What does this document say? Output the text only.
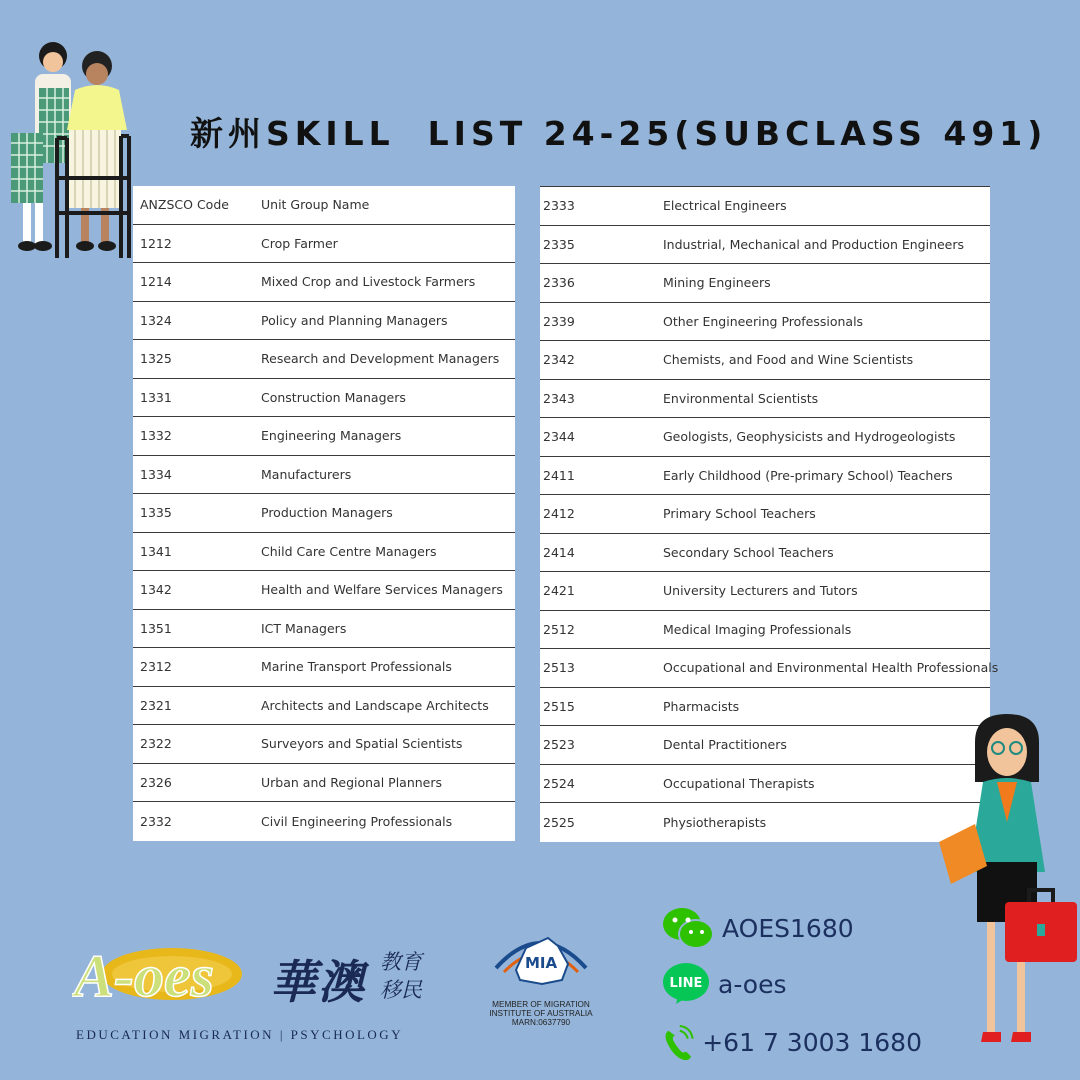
新州SKILL  LIST 24-25(SUBCLASS 491)
ANZSCO Code	Unit Group Name
1212	Crop Farmer
1214	Mixed Crop and Livestock Farmers
1324	Policy and Planning Managers
1325	Research and Development Managers
1331	Construction Managers
1332	Engineering Managers
1334	Manufacturers
1335	Production Managers
1341	Child Care Centre Managers
1342	Health and Welfare Services Managers
1351	ICT Managers
2312	Marine Transport Professionals
2321	Architects and Landscape Architects
2322	Surveyors and Spatial Scientists
2326	Urban and Regional Planners
2332	Civil Engineering Professionals
2333	Electrical Engineers
2335	Industrial, Mechanical and Production Engineers
2336	Mining Engineers
2339	Other Engineering Professionals
2342	Chemists, and Food and Wine Scientists
2343	Environmental Scientists
2344	Geologists, Geophysicists and Hydrogeologists
2411	Early Childhood (Pre-primary School) Teachers
2412	Primary School Teachers
2414	Secondary School Teachers
2421	University Lecturers and Tutors
2512	Medical Imaging Professionals
2513	Occupational and Environmental Health Professionals
2515	Pharmacists
2523	Dental Practitioners
2524	Occupational Therapists
2525	Physiotherapists
A-oes 華澳 教育移民
EDUCATION MIGRATION | PSYCHOLOGY
MIA
MEMBER OF MIGRATION INSTITUTE OF AUSTRALIA MARN:0637790
AOES1680
LINE a-oes
+61 7 3003 1680
